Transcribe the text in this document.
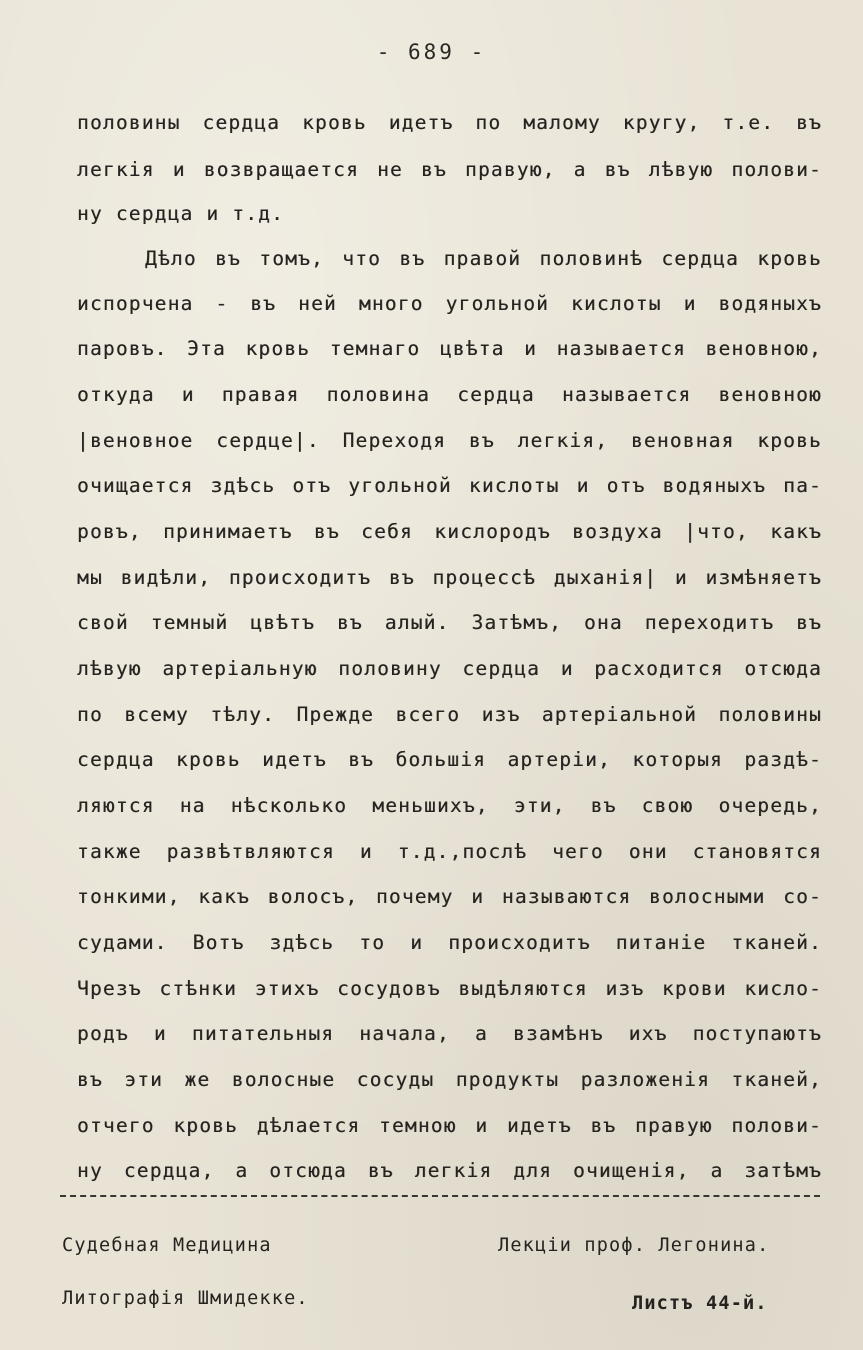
- 689 -
половины сердца кровь идетъ по малому кругу, т.е. въ
легкія и возвращается не въ правую, а въ лѣвую полови-
ну сердца и т.д.
Дѣло въ томъ, что въ правой половинѣ сердца кровь
испорчена - въ ней много угольной кислоты и водяныхъ
паровъ. Эта кровь темнаго цвѣта и называется веновною,
откуда и правая половина сердца называется веновною
|веновное сердце|. Переходя въ легкія, веновная кровь
очищается здѣсь отъ угольной кислоты и отъ водяныхъ па-
ровъ, принимаетъ въ себя кислородъ воздуха |что, какъ
мы видѣли, происходитъ въ процессѣ дыханія| и измѣняетъ
свой темный цвѣтъ въ алый. Затѣмъ, она переходитъ въ
лѣвую артеріальную половину сердца и расходится отсюда
по всему тѣлу. Прежде всего изъ артеріальной половины
сердца кровь идетъ въ большія артеріи, которыя раздѣ-
ляются на нѣсколько меньшихъ, эти, въ свою очередь,
также развѣтвляются и т.д.,послѣ чего они становятся
тонкими, какъ волосъ, почему и называются волосными со-
судами. Вотъ здѣсь то и происходитъ питаніе тканей.
Чрезъ стѣнки этихъ сосудовъ выдѣляются изъ крови кисло-
родъ и питательныя начала, а взамѣнъ ихъ поступаютъ
въ эти же волосные сосуды продукты разложенія тканей,
отчего кровь дѣлается темною и идетъ въ правую полови-
ну сердца, а отсюда въ легкія для очищенія, а затѣмъ
Судебная Медицина	Лекціи проф. Легонина.
Литографія Шмидекке.	Листъ 44-й.
